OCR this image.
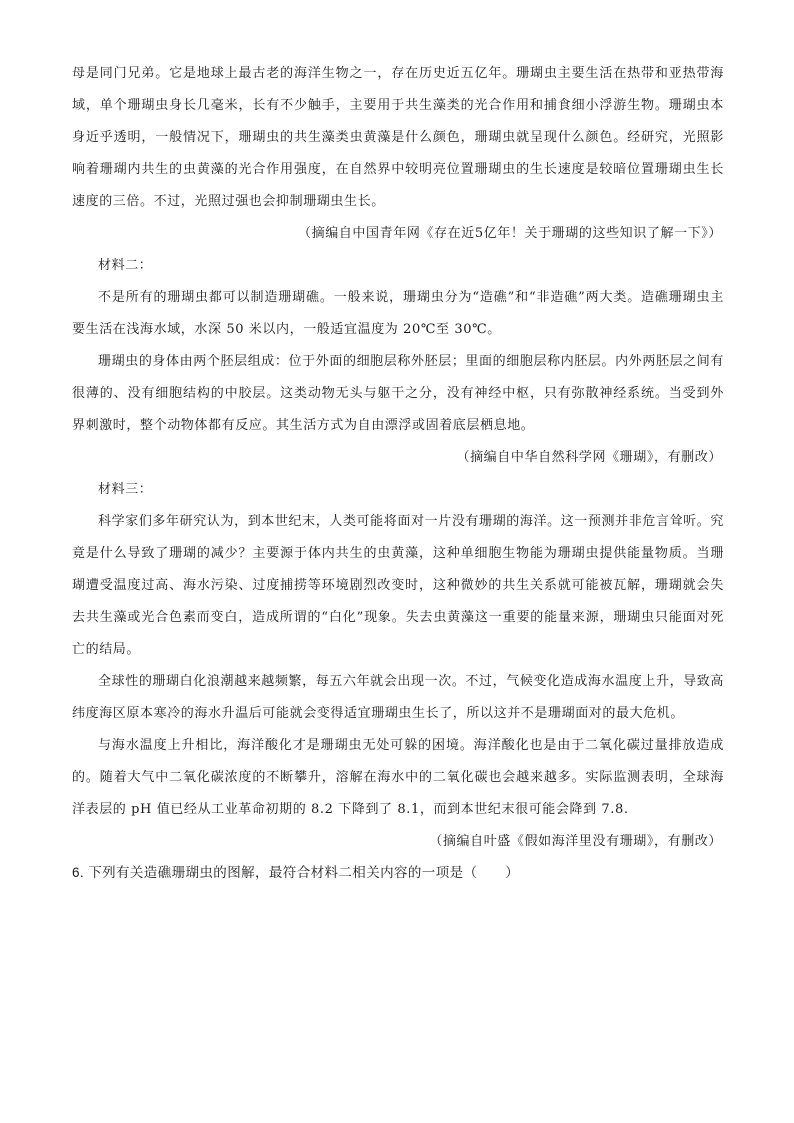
母是同门兄弟。它是地球上最古老的海洋生物之一，存在历史近五亿年。珊瑚虫主要生活在热带和亚热带海域，单个珊瑚虫身长几毫米，长有不少触手，主要用于共生藻类的光合作用和捕食细小浮游生物。珊瑚虫本身近乎透明，一般情况下，珊瑚虫的共生藻类虫黄藻是什么颜色，珊瑚虫就呈现什么颜色。经研究，光照影响着珊瑚内共生的虫黄藻的光合作用强度，在自然界中较明亮位置珊瑚虫的生长速度是较暗位置珊瑚虫生长速度的三倍。不过，光照过强也会抑制珊瑚虫生长。

（摘编自中国青年网《存在近5亿年！关于珊瑚的这些知识了解一下》）

材料二：

不是所有的珊瑚虫都可以制造珊瑚礁。一般来说，珊瑚虫分为“造礁”和“非造礁”两大类。造礁珊瑚虫主要生活在浅海水域，水深 50 米以内，一般适宜温度为 20℃至 30℃。

珊瑚虫的身体由两个胚层组成：位于外面的细胞层称外胚层；里面的细胞层称内胚层。内外两胚层之间有很薄的、没有细胞结构的中胶层。这类动物无头与躯干之分，没有神经中枢，只有弥散神经系统。当受到外界刺激时，整个动物体都有反应。其生活方式为自由漂浮或固着底层栖息地。

（摘编自中华自然科学网《珊瑚》，有删改）

材料三：

科学家们多年研究认为，到本世纪末，人类可能将面对一片没有珊瑚的海洋。这一预测并非危言耸听。究竟是什么导致了珊瑚的减少？主要源于体内共生的虫黄藻，这种单细胞生物能为珊瑚虫提供能量物质。当珊瑚遭受温度过高、海水污染、过度捕捞等环境剧烈改变时，这种微妙的共生关系就可能被瓦解，珊瑚就会失去共生藻或光合色素而变白，造成所谓的“白化”现象。失去虫黄藻这一重要的能量来源，珊瑚虫只能面对死亡的结局。

全球性的珊瑚白化浪潮越来越频繁，每五六年就会出现一次。不过，气候变化造成海水温度上升，导致高纬度海区原本寒冷的海水升温后可能就会变得适宜珊瑚虫生长了，所以这并不是珊瑚面对的最大危机。

与海水温度上升相比，海洋酸化才是珊瑚虫无处可躲的困境。海洋酸化也是由于二氧化碳过量排放造成的。随着大气中二氧化碳浓度的不断攀升，溶解在海水中的二氧化碳也会越来越多。实际监测表明，全球海洋表层的 pH 值已经从工业革命初期的 8.2 下降到了 8.1，而到本世纪末很可能会降到 7.8.

（摘编自叶盛《假如海洋里没有珊瑚》，有删改）

6. 下列有关造礁珊瑚虫的图解，最符合材料二相关内容的一项是（　　）
